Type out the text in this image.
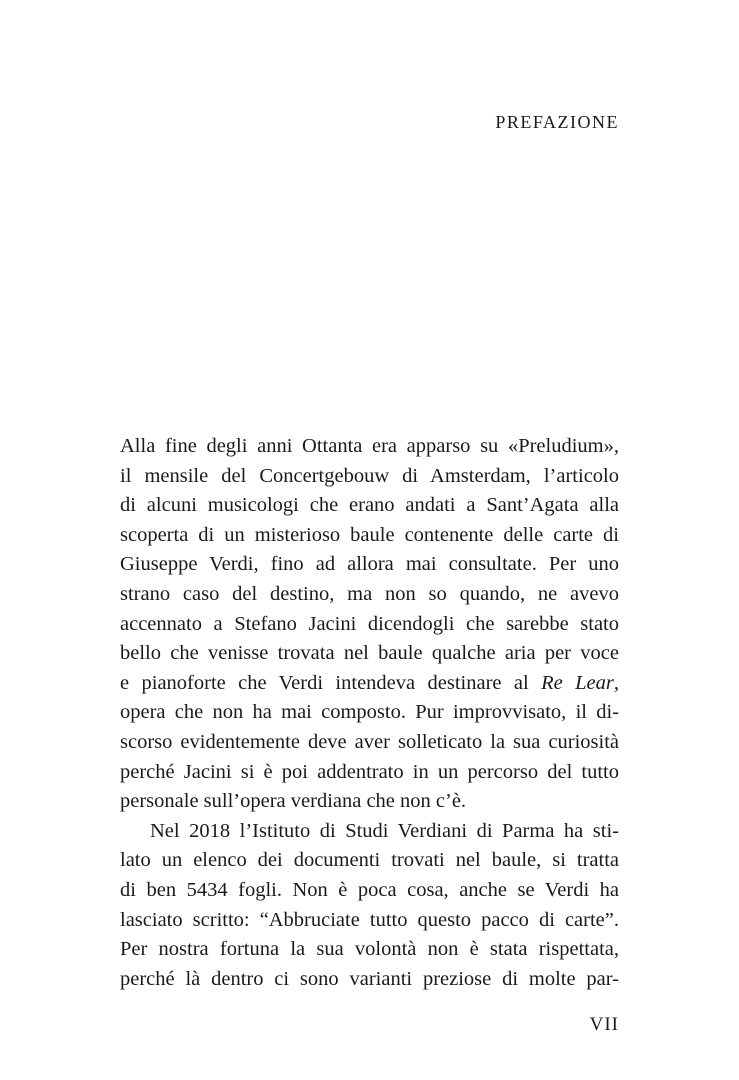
PREFAZIONE
Alla fine degli anni Ottanta era apparso su «Preludium»,
il mensile del Concertgebouw di Amsterdam, l’articolo
di alcuni musicologi che erano andati a Sant’Agata alla
scoperta di un misterioso baule contenente delle carte di
Giuseppe Verdi, fino ad allora mai consultate. Per uno
strano caso del destino, ma non so quando, ne avevo
accennato a Stefano Jacini dicendogli che sarebbe stato
bello che venisse trovata nel baule qualche aria per voce
e pianoforte che Verdi intendeva destinare al Re Lear,
opera che non ha mai composto. Pur improvvisato, il di-
scorso evidentemente deve aver solleticato la sua curiosità
perché Jacini si è poi addentrato in un percorso del tutto
personale sull’opera verdiana che non c’è.
Nel 2018 l’Istituto di Studi Verdiani di Parma ha sti-
lato un elenco dei documenti trovati nel baule, si tratta
di ben 5434 fogli. Non è poca cosa, anche se Verdi ha
lasciato scritto: “Abbruciate tutto questo pacco di carte”.
Per nostra fortuna la sua volontà non è stata rispettata,
perché là dentro ci sono varianti preziose di molte par-
VII
